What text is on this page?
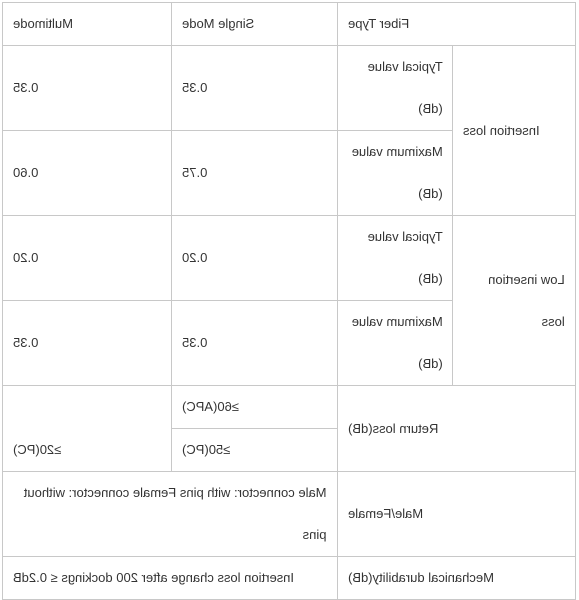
Multimode	Single Mode	Fiber Type	
0.35	0.35	Typical value (dB)	Insertion loss
0.60	0.75	Maximum value (dB)	
0.20	0.20	Typical value (dB)	Low insertion loss
0.35	0.35	Maximum value (dB)	
≥20(PC)	≥60(APC)	Return loss(dB)	
	≥50(PC)		
Male connector: with pins Female connector: without pins		Male/Female	
Insertion loss change after 200 dockings ≤ 0.2dB		Mechanical durability(dB)	
